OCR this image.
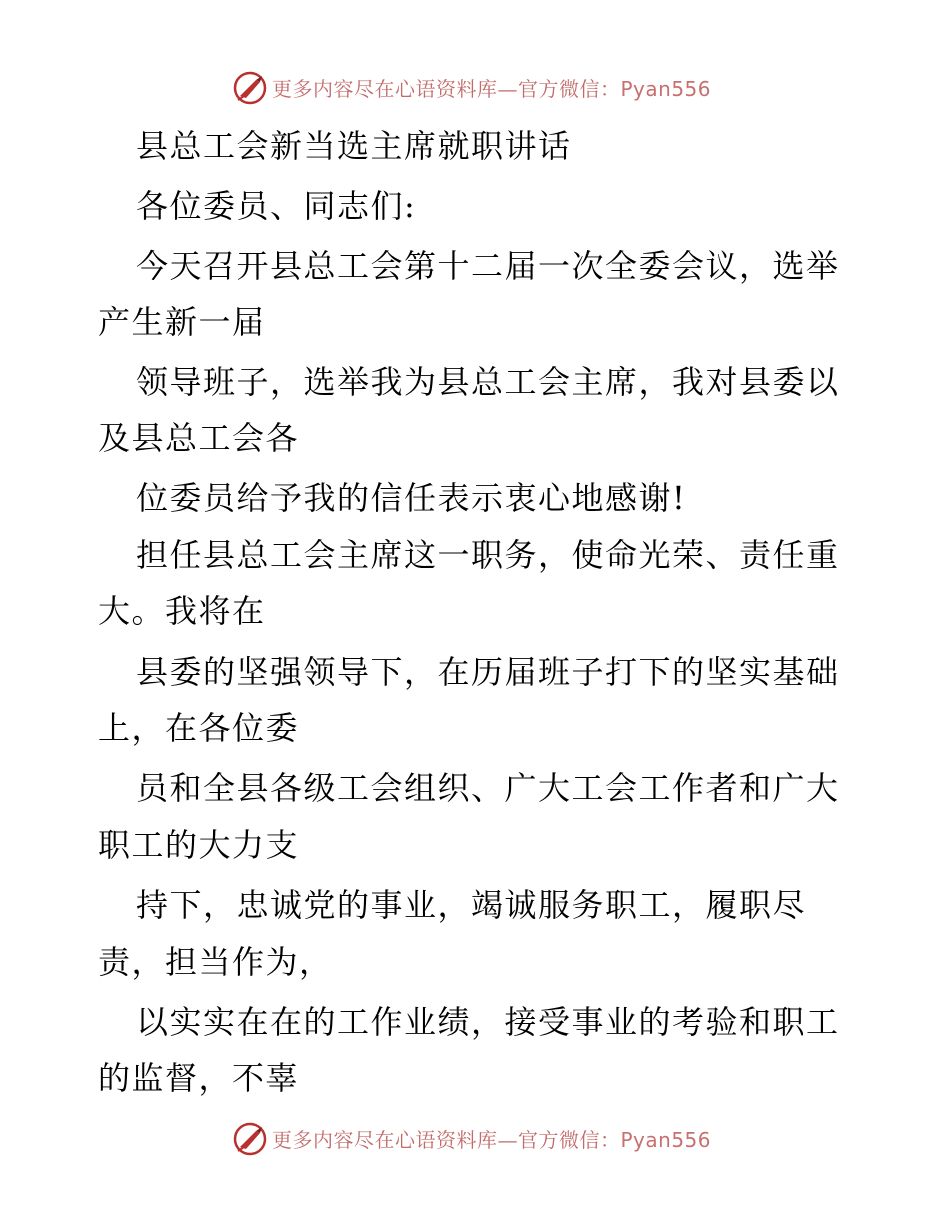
更多内容尽在心语资料库—官方微信：Pyan556
县总工会新当选主席就职讲话
各位委员、同志们:
今天召开县总工会第十二届一次全委会议，选举
产生新一届
领导班子，选举我为县总工会主席，我对县委以
及县总工会各
位委员给予我的信任表示衷心地感谢!
担任县总工会主席这一职务，使命光荣、责任重
大。我将在
县委的坚强领导下，在历届班子打下的坚实基础
上，在各位委
员和全县各级工会组织、广大工会工作者和广大
职工的大力支
持下，忠诚党的事业，竭诚服务职工，履职尽
责，担当作为，
以实实在在的工作业绩，接受事业的考验和职工
的监督，不辜
更多内容尽在心语资料库—官方微信：Pyan556
